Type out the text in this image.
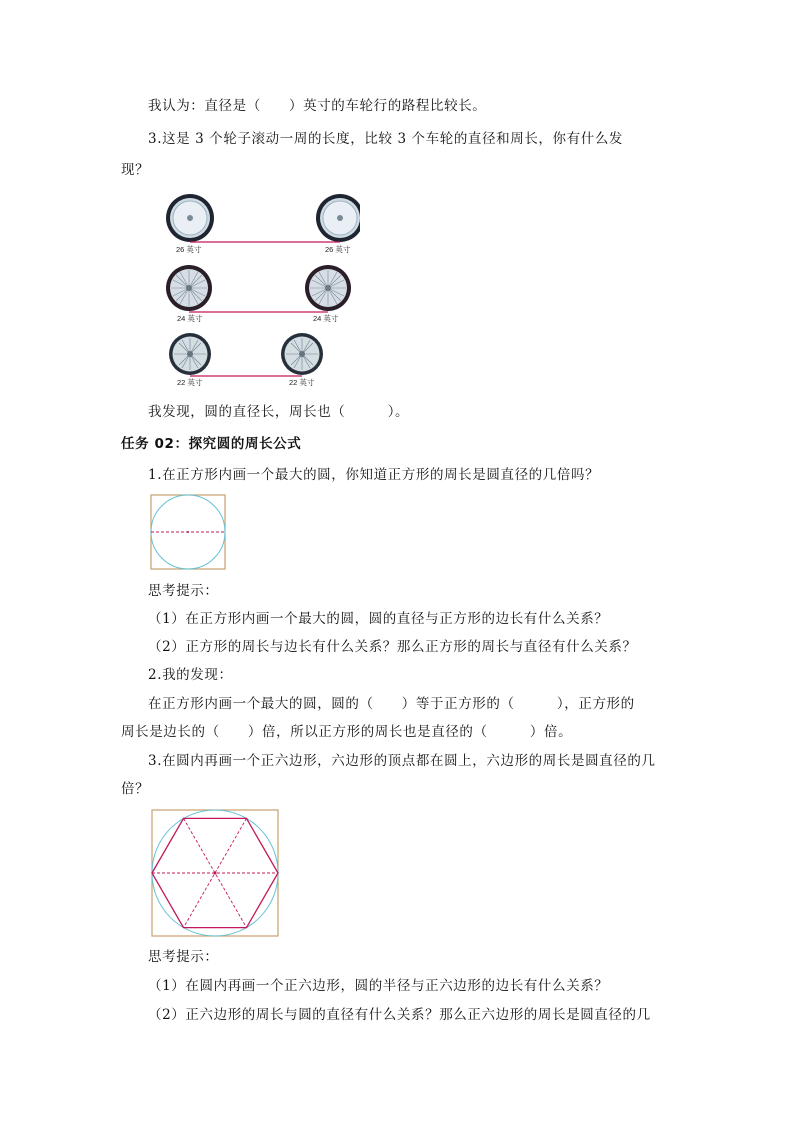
我认为：直径是（　　）英寸的车轮行的路程比较长。
3.这是 3 个轮子滚动一周的长度，比较 3 个车轮的直径和周长，你有什么发
现？
26 英寸	26 英寸
24 英寸	24 英寸
22 英寸	22 英寸
我发现，圆的直径长，周长也（　　　）。
任务 02：探究圆的周长公式
1.在正方形内画一个最大的圆，你知道正方形的周长是圆直径的几倍吗？
思考提示：
（1）在正方形内画一个最大的圆，圆的直径与正方形的边长有什么关系？
（2）正方形的周长与边长有什么关系？那么正方形的周长与直径有什么关系？
2.我的发现：
在正方形内画一个最大的圆，圆的（　　）等于正方形的（　　　），正方形的
周长是边长的（　　）倍，所以正方形的周长也是直径的（　　　）倍。
3.在圆内再画一个正六边形，六边形的顶点都在圆上，六边形的周长是圆直径的几
倍？
思考提示：
（1）在圆内再画一个正六边形，圆的半径与正六边形的边长有什么关系？
（2）正六边形的周长与圆的直径有什么关系？那么正六边形的周长是圆直径的几
